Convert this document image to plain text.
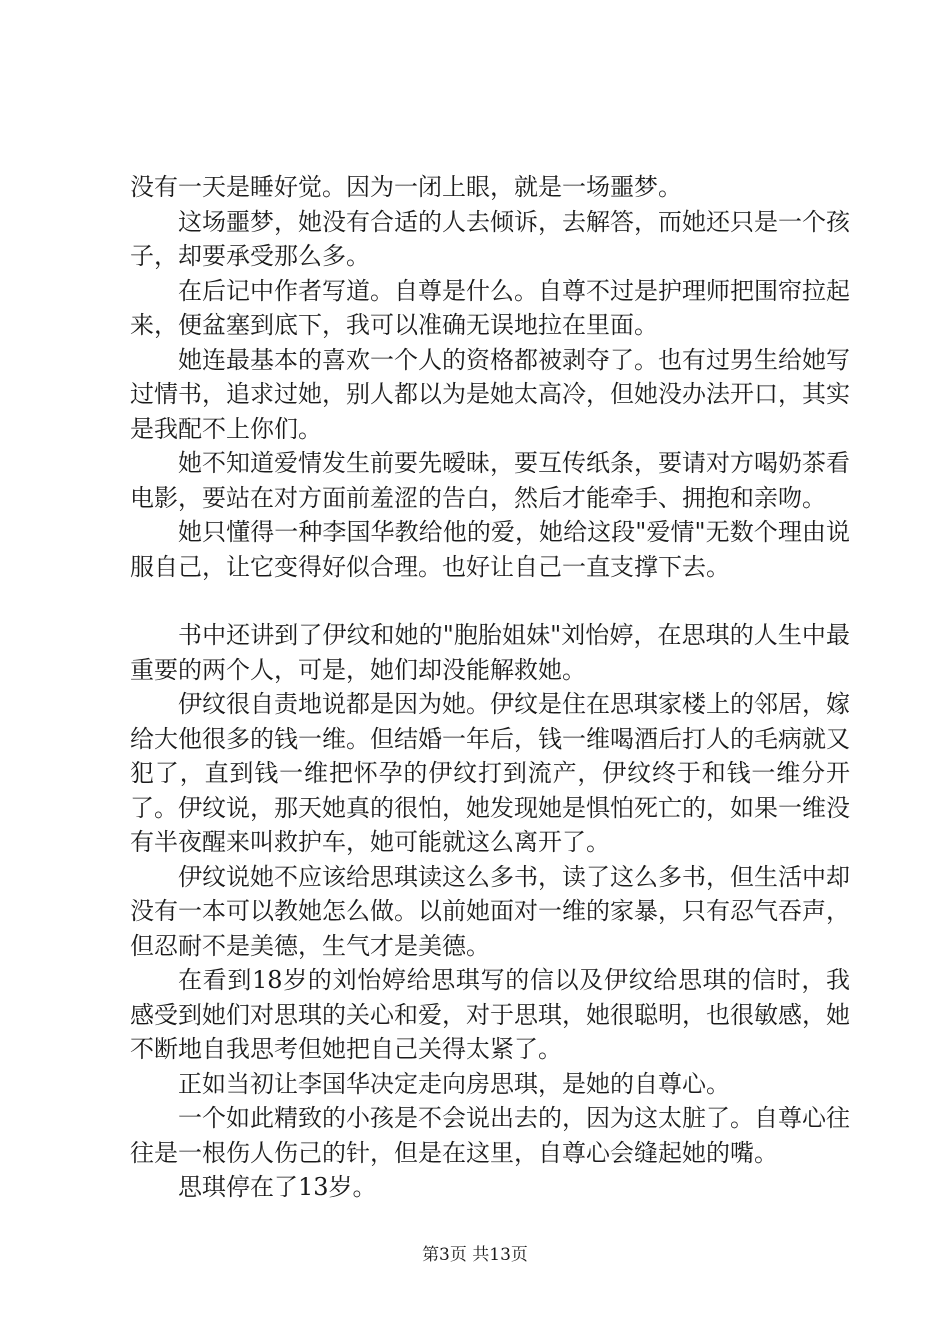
没有一天是睡好觉。因为一闭上眼，就是一场噩梦。

这场噩梦，她没有合适的人去倾诉，去解答，而她还只是一个孩子，却要承受那么多。

在后记中作者写道。自尊是什么。自尊不过是护理师把围帘拉起来，便盆塞到底下，我可以准确无误地拉在里面。

她连最基本的喜欢一个人的资格都被剥夺了。也有过男生给她写过情书，追求过她，别人都以为是她太高冷，但她没办法开口，其实是我配不上你们。

她不知道爱情发生前要先暧昧，要互传纸条，要请对方喝奶茶看电影，要站在对方面前羞涩的告白，然后才能牵手、拥抱和亲吻。

她只懂得一种李国华教给他的爱，她给这段"爱情"无数个理由说服自己，让它变得好似合理。也好让自己一直支撑下去。

书中还讲到了伊纹和她的"胞胎姐妹"刘怡婷，在思琪的人生中最重要的两个人，可是，她们却没能解救她。

伊纹很自责地说都是因为她。伊纹是住在思琪家楼上的邻居，嫁给大他很多的钱一维。但结婚一年后，钱一维喝酒后打人的毛病就又犯了，直到钱一维把怀孕的伊纹打到流产，伊纹终于和钱一维分开了。伊纹说，那天她真的很怕，她发现她是惧怕死亡的，如果一维没有半夜醒来叫救护车，她可能就这么离开了。

伊纹说她不应该给思琪读这么多书，读了这么多书，但生活中却没有一本可以教她怎么做。以前她面对一维的家暴，只有忍气吞声，但忍耐不是美德，生气才是美德。

在看到18岁的刘怡婷给思琪写的信以及伊纹给思琪的信时，我感受到她们对思琪的关心和爱，对于思琪，她很聪明，也很敏感，她不断地自我思考但她把自己关得太紧了。

正如当初让李国华决定走向房思琪，是她的自尊心。

一个如此精致的小孩是不会说出去的，因为这太脏了。自尊心往往是一根伤人伤己的针，但是在这里，自尊心会缝起她的嘴。

思琪停在了13岁。

第3页 共13页
